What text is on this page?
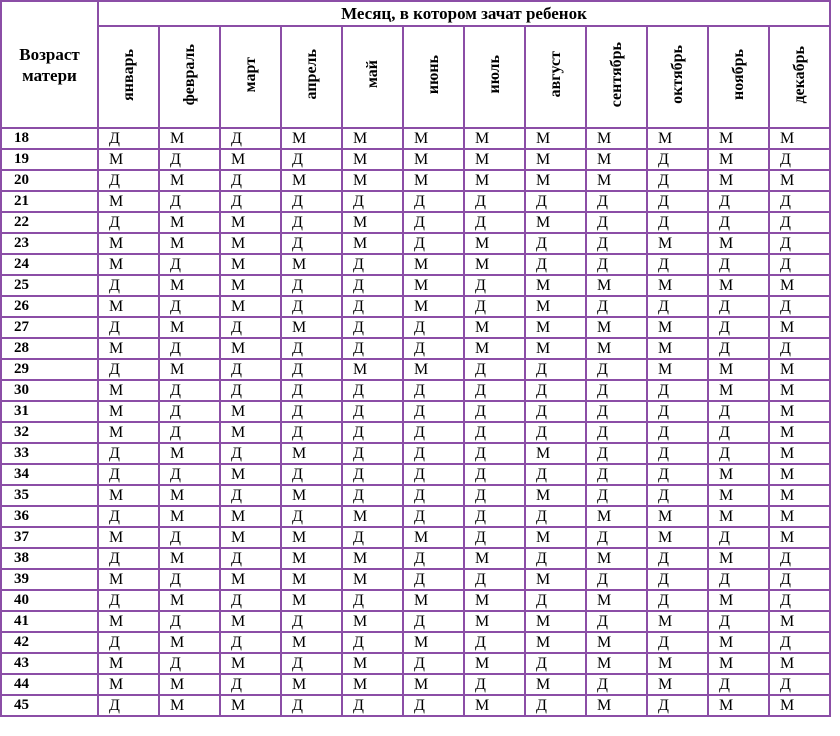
Возраст матери	Месяц, в котором зачат ребенок											
	январь	февраль	март	апрель	май	июнь	июль	август	сентябрь	октябрь	ноябрь	декабрь
18	Д	М	Д	М	М	М	М	М	М	М	М	М
19	М	Д	М	Д	М	М	М	М	М	Д	М	Д
20	Д	М	Д	М	М	М	М	М	М	Д	М	М
21	М	Д	Д	Д	Д	Д	Д	Д	Д	Д	Д	Д
22	Д	М	М	Д	М	Д	Д	М	Д	Д	Д	Д
23	М	М	М	Д	М	Д	М	Д	Д	М	М	Д
24	М	Д	М	М	Д	М	М	Д	Д	Д	Д	Д
25	Д	М	М	Д	Д	М	Д	М	М	М	М	М
26	М	Д	М	Д	Д	М	Д	М	Д	Д	Д	Д
27	Д	М	Д	М	Д	Д	М	М	М	М	Д	М
28	М	Д	М	Д	Д	Д	М	М	М	М	Д	Д
29	Д	М	Д	Д	М	М	Д	Д	Д	М	М	М
30	М	Д	Д	Д	Д	Д	Д	Д	Д	Д	М	М
31	М	Д	М	Д	Д	Д	Д	Д	Д	Д	Д	М
32	М	Д	М	Д	Д	Д	Д	Д	Д	Д	Д	М
33	Д	М	Д	М	Д	Д	Д	М	Д	Д	Д	М
34	Д	Д	М	Д	Д	Д	Д	Д	Д	Д	М	М
35	М	М	Д	М	Д	Д	Д	М	Д	Д	М	М
36	Д	М	М	Д	М	Д	Д	Д	М	М	М	М
37	М	Д	М	М	Д	М	Д	М	Д	М	Д	М
38	Д	М	Д	М	М	Д	М	Д	М	Д	М	Д
39	М	Д	М	М	М	Д	Д	М	Д	Д	Д	Д
40	Д	М	Д	М	Д	М	М	Д	М	Д	М	Д
41	М	Д	М	Д	М	Д	М	М	Д	М	Д	М
42	Д	М	Д	М	Д	М	Д	М	М	Д	М	Д
43	М	Д	М	Д	М	Д	М	Д	М	М	М	М
44	М	М	Д	М	М	М	Д	М	Д	М	Д	Д
45	Д	М	М	Д	Д	Д	М	Д	М	Д	М	М
